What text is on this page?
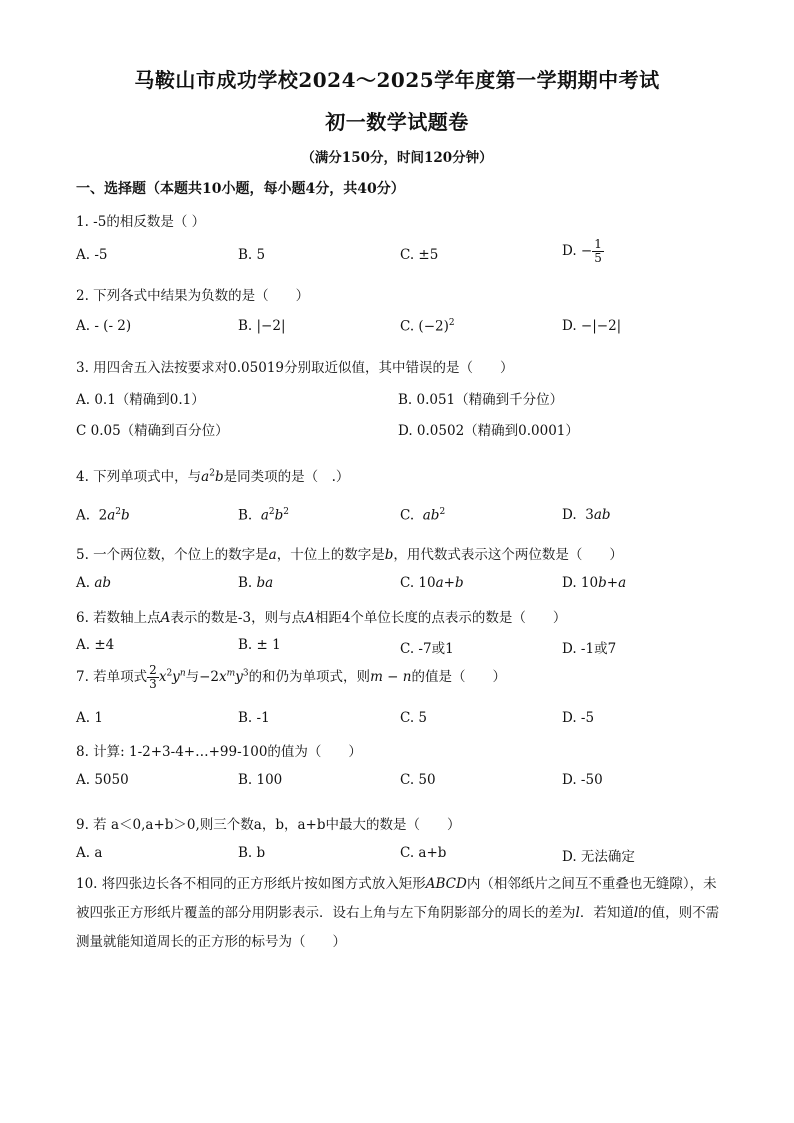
马鞍山市成功学校2024～2025学年度第一学期期中考试
初一数学试题卷
（满分150分，时间120分钟）
一、选择题（本题共10小题，每小题4分，共40分）
1. -5的相反数是（ ）
A. -5	B. 5	C. ±5	D. − $\frac{1}{5}$
2. 下列各式中结果为负数的是（　　）
A. - (- 2)	B. |−2|	C. $(-2)^2$	D. −|−2|
3. 用四舍五入法按要求对0.05019分别取近似值，其中错误的是（　　）
A. 0.1（精确到0.1）	B. 0.051（精确到千分位）
C 0.05（精确到百分位）	D. 0.0502（精确到0.0001）
4. 下列单项式中，与$a^2b$是同类项的是（　.）
A. $2a^2b$	B. $a^2b^2$	C. $ab^2$	D. 3ab
5. 一个两位数，个位上的数字是a，十位上的数字是b，用代数式表示这个两位数是（　　）
A. ab	B. ba	C. 10a+b	D. 10b+a
6. 若数轴上点A表示的数是-3，则与点A相距4个单位长度的点表示的数是（　　）
A. ±4	B. ± 1	C. -7或1	D. -1或7
7. 若单项式 $\frac{2}{3} x^2y^n$与$-2x^my^3$的和仍为单项式，则m − n的值是（　　）
A. 1	B. -1	C. 5	D. -5
8. 计算: 1-2+3-4+…+99-100的值为（　　）
A. 5050	B. 100	C. 50	D. -50
9. 若 a＜0,a+b＞0,则三个数a，b，a+b中最大的数是（　　）
A. a	B. b	C. a+b	D. 无法确定
10. 将四张边长各不相同的正方形纸片按如图方式放入矩形ABCD内（相邻纸片之间互不重叠也无缝隙），未被四张正方形纸片覆盖的部分用阴影表示．设右上角与左下角阴影部分的周长的差为l．若知道l的值，则不需测量就能知道周长的正方形的标号为（　　）
